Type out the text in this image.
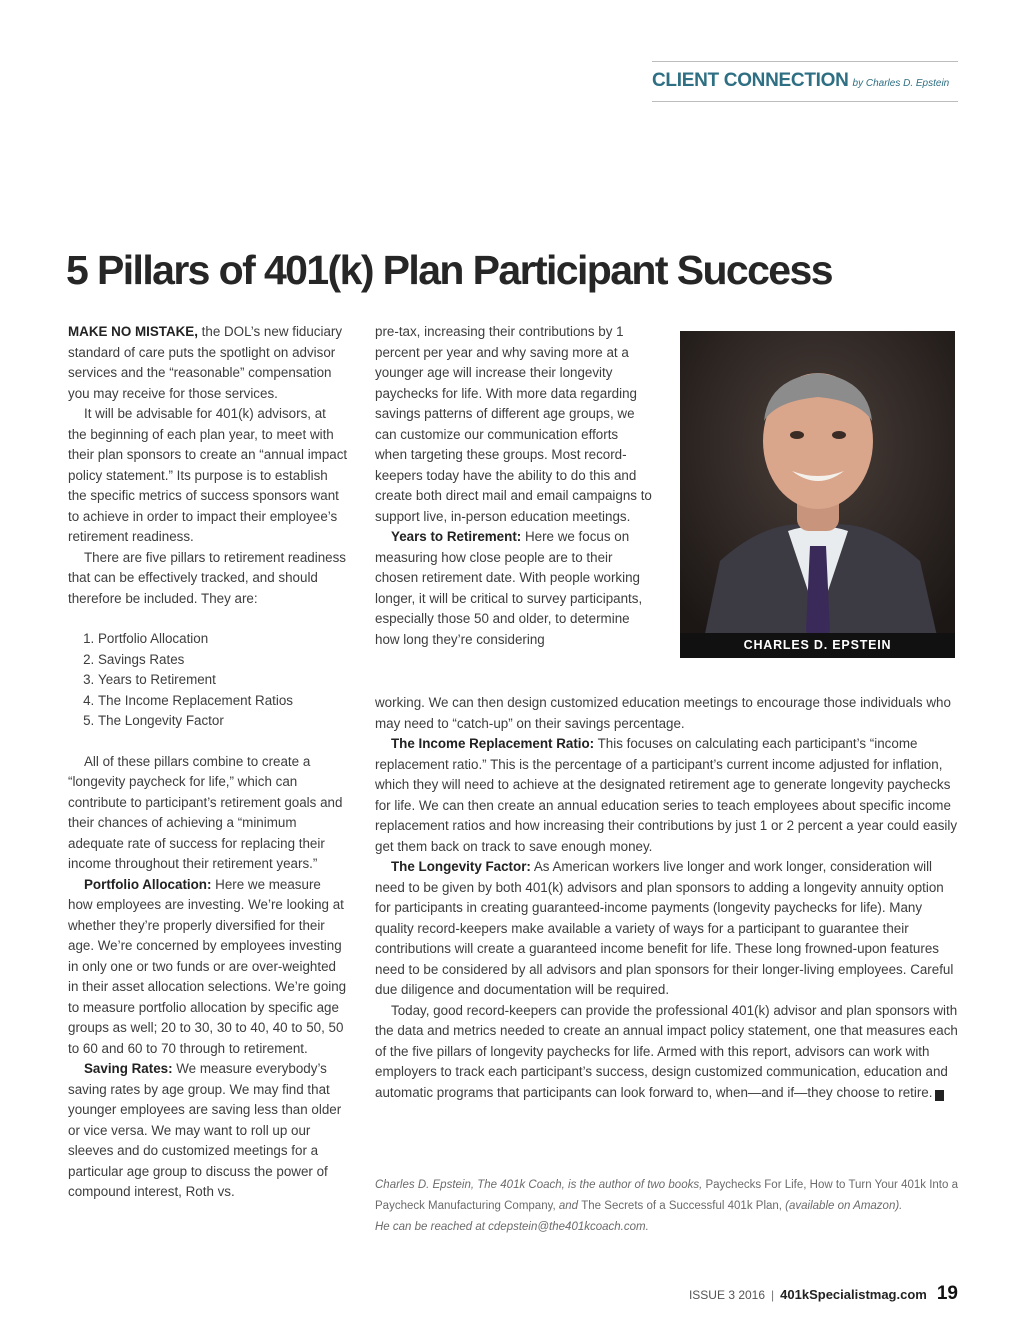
CLIENT CONNECTION by Charles D. Epstein
5 Pillars of 401(k) Plan Participant Success

MAKE NO MISTAKE, the DOL’s new fiduciary standard of care puts the spotlight on advisor services and the “reasonable” compensation you may receive for those services.

It will be advisable for 401(k) advisors, at the beginning of each plan year, to meet with their plan sponsors to create an “annual impact policy statement.” Its purpose is to establish the specific metrics of success sponsors want to achieve in order to impact their employee’s retirement readiness.

There are five pillars to retirement readiness that can be effectively tracked, and should therefore be included. They are:

1. Portfolio Allocation
2. Savings Rates
3. Years to Retirement
4. The Income Replacement Ratios
5. The Longevity Factor

All of these pillars combine to create a “longevity paycheck for life,” which can contribute to participant’s retirement goals and their chances of achieving a “minimum adequate rate of success for replacing their income throughout their retirement years.”

Portfolio Allocation: Here we measure how employees are investing. We’re looking at whether they’re properly diversified for their age. We’re concerned by employees investing in only one or two funds or are over-weighted in their asset allocation selections. We’re going to measure portfolio allocation by specific age groups as well; 20 to 30, 30 to 40, 40 to 50, 50 to 60 and 60 to 70 through to retirement.

Saving Rates: We measure everybody’s saving rates by age group. We may find that younger employees are saving less than older or vice versa. We may want to roll up our sleeves and do customized meetings for a particular age group to discuss the power of compound interest, Roth vs.

pre-tax, increasing their contributions by 1 percent per year and why saving more at a younger age will increase their longevity paychecks for life. With more data regarding savings patterns of different age groups, we can customize our communication efforts when targeting these groups. Most record-keepers today have the ability to do this and create both direct mail and email campaigns to support live, in-person education meetings.

Years to Retirement: Here we focus on measuring how close people are to their chosen retirement date. With people working longer, it will be critical to survey participants, especially those 50 and older, to determine how long they’re considering	CHARLES D. EPSTEIN

working. We can then design customized education meetings to encourage those individuals who may need to “catch-up” on their savings percentage.

The Income Replacement Ratio: This focuses on calculating each participant’s “income replacement ratio.” This is the percentage of a participant’s current income adjusted for inflation, which they will need to achieve at the designated retirement age to generate longevity paychecks for life. We can then create an annual education series to teach employees about specific income replacement ratios and how increasing their contributions by just 1 or 2 percent a year could easily get them back on track to save enough money.

The Longevity Factor: As American workers live longer and work longer, consideration will need to be given by both 401(k) advisors and plan sponsors to adding a longevity annuity option for participants in creating guaranteed-income payments (longevity paychecks for life). Many quality record-keepers make available a variety of ways for a participant to guarantee their contributions will create a guaranteed income benefit for life. These long frowned-upon features need to be considered by all advisors and plan sponsors for their longer-living employees. Careful due diligence and documentation will be required.

Today, good record-keepers can provide the professional 401(k) advisor and plan sponsors with the data and metrics needed to create an annual impact policy statement, one that measures each of the five pillars of longevity paychecks for life. Armed with this report, advisors can work with employers to track each participant’s success, design customized communication, education and automatic programs that participants can look forward to, when—and if—they choose to retire. K

Charles D. Epstein, The 401k Coach, is the author of two books, Paychecks For Life, How to Turn Your 401k Into a Paycheck Manufacturing Company, and The Secrets of a Successful 401k Plan, (available on Amazon).
He can be reached at cdepstein@the401kcoach.com.
ISSUE 3 2016 | 401kSpecialistmag.com 19
